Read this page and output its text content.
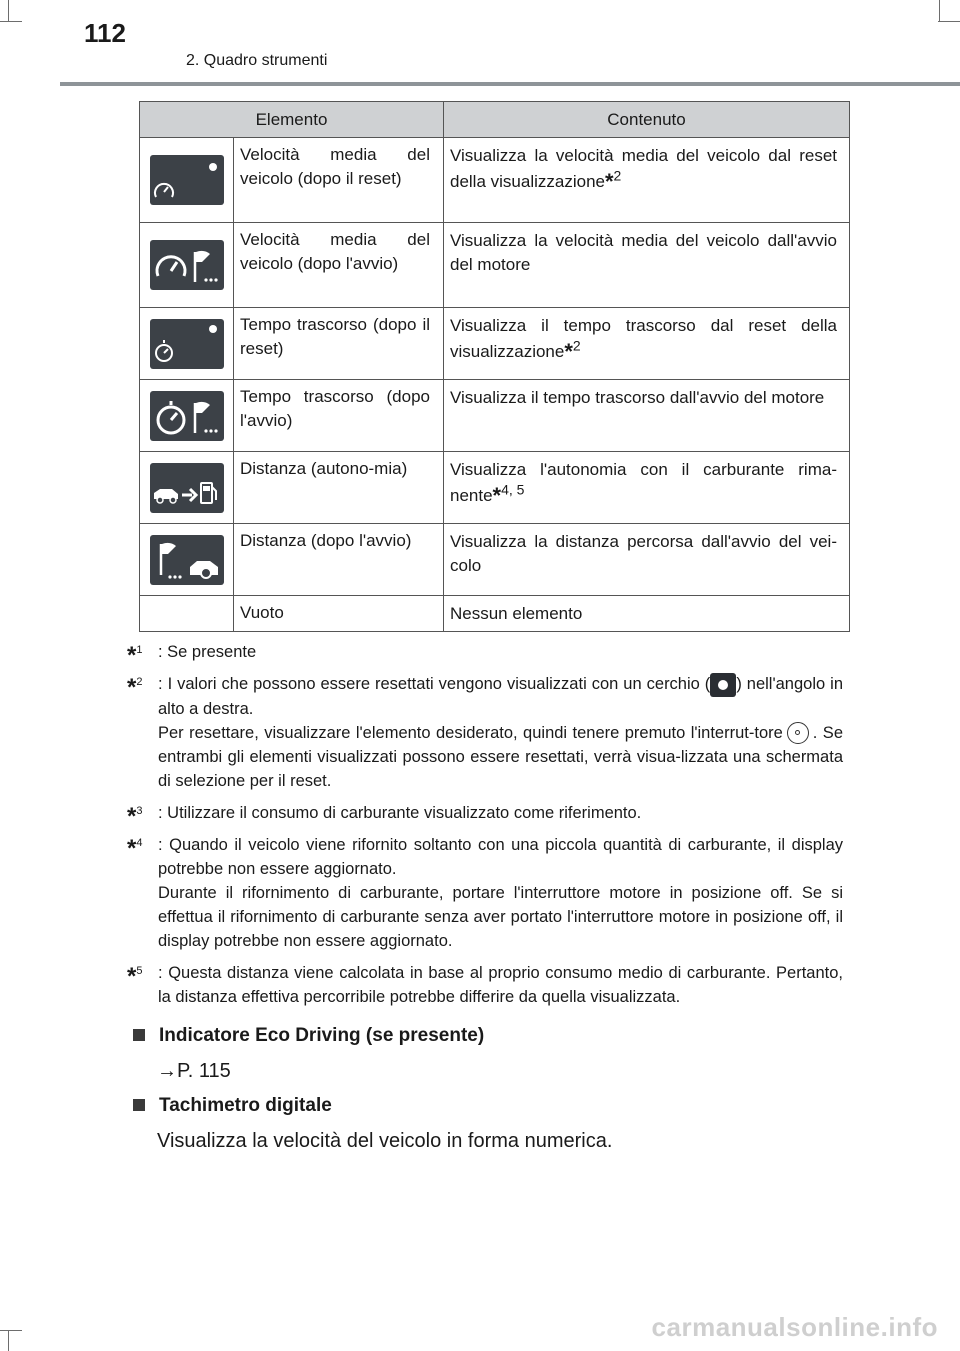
112
2. Quadro strumenti
Elemento		Contenuto

	Velocità media del veicolo (dopo il reset)	Visualizza la velocità media del veicolo dal reset della visualizzazione*$^2$

	Velocità media del veicolo (dopo l'avvio)	Visualizza la velocità media del veicolo dall'avvio del motore

	Tempo trascorso (dopo il reset)	Visualizza il tempo trascorso dal reset della visualizzazione*$^2$

	Tempo trascorso (dopo l'avvio)	Visualizza il tempo trascorso dall'avvio del motore

	Distanza (autono-mia)	Visualizza l'autonomia con il carburante rima-nente*$^{4, 5}$

	Distanza (dopo l'avvio)	Visualizza la distanza percorsa dall'avvio del vei-colo
	Vuoto	Nessun elemento
*$^1$ : Se presente
*$^2$ : I valori che possono essere resettati vengono visualizzati con un cerchio ( ) nell'angolo in alto a destra.
Per resettare, visualizzare l'elemento desiderato, quindi tenere premuto l'interrut-tore . Se entrambi gli elementi visualizzati possono essere resettati, verrà visua-lizzata una schermata di selezione per il reset.
*$^3$ : Utilizzare il consumo di carburante visualizzato come riferimento.
*$^4$ : Quando il veicolo viene rifornito soltanto con una piccola quantità di carburante, il display potrebbe non essere aggiornato.
Durante il rifornimento di carburante, portare l'interruttore motore in posizione off. Se si effettua il rifornimento di carburante senza aver portato l'interruttore motore in posizione off, il display potrebbe non essere aggiornato.
*$^5$ : Questa distanza viene calcolata in base al proprio consumo medio di carburante. Pertanto, la distanza effettiva percorribile potrebbe differire da quella visualizzata.
Indicatore Eco Driving (se presente)
→P. 115
Tachimetro digitale
Visualizza la velocità del veicolo in forma numerica.
carmanualsonline.info
